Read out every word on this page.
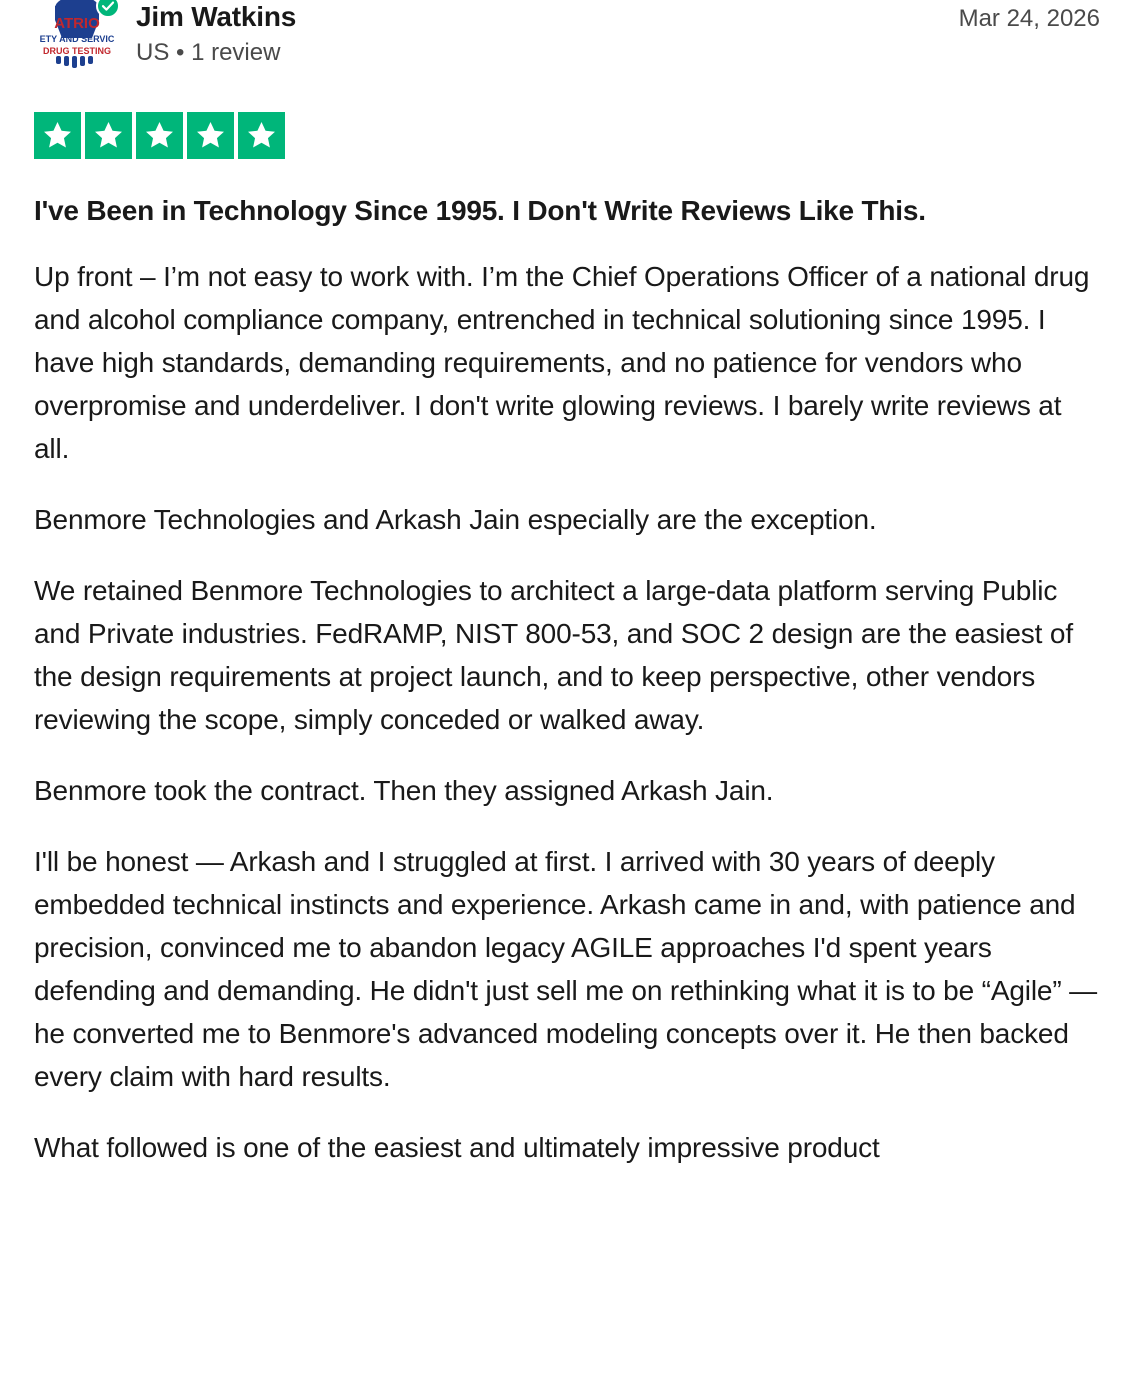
ATRIO
ETY AND SERVIC
DRUG TESTING
Jim Watkins
US • 1 review
Mar 24, 2026
I've Been in Technology Since 1995. I Don't Write Reviews Like This.

Up front – I’m not easy to work with. I’m the Chief Operations Officer of a national drug and alcohol compliance company, entrenched in technical solutioning since 1995. I have high standards, demanding requirements, and no patience for vendors who overpromise and underdeliver. I don't write glowing reviews. I barely write reviews at all.

Benmore Technologies and Arkash Jain especially are the exception.

We retained Benmore Technologies to architect a large-data platform serving Public and Private industries. FedRAMP, NIST 800-53, and SOC 2 design are the easiest of the design requirements at project launch, and to keep perspective, other vendors reviewing the scope, simply conceded or walked away.

Benmore took the contract. Then they assigned Arkash Jain.

I'll be honest — Arkash and I struggled at first. I arrived with 30 years of deeply embedded technical instincts and experience. Arkash came in and, with patience and precision, convinced me to abandon legacy AGILE approaches I'd spent years defending and demanding. He didn't just sell me on rethinking what it is to be “Agile” — he converted me to Benmore's advanced modeling concepts over it. He then backed every claim with hard results.

What followed is one of the easiest and ultimately impressive product
